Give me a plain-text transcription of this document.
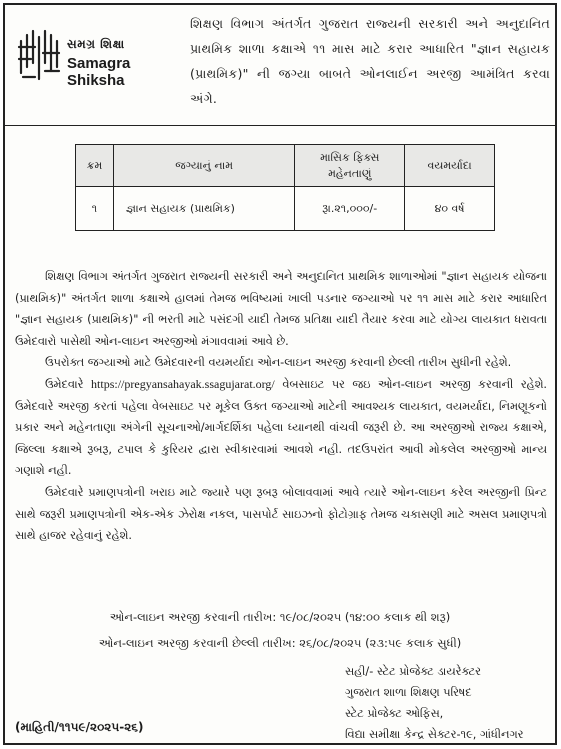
સમગ્ર શિક્ષા
Samagra Shiksha
શિક્ષણ વિભાગ અંતર્ગત ગુજરાત રાજ્યની સરકારી અને અનુદાનિત પ્રાથમિક શાળા કક્ષાએ ૧૧ માસ માટે કરાર આધારિત "જ્ઞાન સહાયક (પ્રાથમિક)" ની જગ્યા બાબતે ઓનલાઈન અરજી આમંત્રિત કરવા અંગે.
ક્રમ	જગ્યાનું નામ	માસિક ફિક્સ મહેનતાણું	વયમર્યાદા
૧	જ્ઞાન સહાયક (પ્રાથમિક)	રૂા.૨૧,૦૦૦/-	૪૦ વર્ષ

શિક્ષણ વિભાગ અંતર્ગત ગુજરાત રાજ્યની સરકારી અને અનુદાનિત પ્રાથમિક શાળાઓમાં "જ્ઞાન સહાયક યોજના (પ્રાથમિક)" અંતર્ગત શાળા કક્ષાએ હાલમાં તેમજ ભવિષ્યમાં ખાલી પડનાર જગ્યાઓ પર ૧૧ માસ માટે કરાર આધારિત "જ્ઞાન સહાયક (પ્રાથમિક)" ની ભરતી માટે પસંદગી યાદી તેમજ પ્રતિક્ષા યાદી તૈયાર કરવા માટે યોગ્ય લાયકાત ધરાવતા ઉમેદવારો પાસેથી ઓન-લાઇન અરજીઓ મંગાવવામાં આવે છે.

ઉપરોક્ત જગ્યાઓ માટે ઉમેદવારની વયમર્યાદા ઓન-લાઇન અરજી કરવાની છેલ્લી તારીખ સુધીની રહેશે.

ઉમેદવારે https://pregyansahayak.ssagujarat.org/ વેબસાઇટ પર જઇ ઓન-લાઇન અરજી કરવાની રહેશે. ઉમેદવારે અરજી કરતાં પહેલા વેબસાઇટ પર મૂકેલ ઉક્ત જગ્યાઓ માટેની આવશ્યક લાયકાત, વયમર્યાદા, નિમણૂકનો પ્રકાર અને મહેનતાણા અંગેની સૂચનાઓ/માર્ગદર્શિકા પહેલા ધ્યાનથી વાંચવી જરૂરી છે. આ અરજીઓ રાજ્ય કક્ષાએ, જિલ્લા કક્ષાએ રૂબરૂ, ટપાલ કે કુરિયર દ્વારા સ્વીકારવામાં આવશે નહી. તદઉપરાંત આવી મોકલેલ અરજીઓ માન્ય ગણાશે નહી.

ઉમેદવારે પ્રમાણપત્રોની ખરાઇ માટે જ્યારે પણ રૂબરૂ બોલાવવામાં આવે ત્યારે ઓન-લાઇન કરેલ અરજીની પ્રિન્ટ સાથે જરૂરી પ્રમાણપત્રોની એક-એક ઝેરોક્ષ નકલ, પાસપોર્ટ સાઇઝનો ફોટોગ્રાફ તેમજ ચકાસણી માટે અસલ પ્રમાણપત્રો સાથે હાજર રહેવાનું રહેશે.

ઓન-લાઇન અરજી કરવાની તારીખ: ૧૯/૦૮/૨૦૨૫ (૧૪:૦૦ કલાક થી શરૂ)
ઓન-લાઇન અરજી કરવાની છેલ્લી તારીખ: ૨૬/૦૮/૨૦૨૫ (૨૩:૫૯ કલાક સુધી)
સહી/- સ્ટેટ પ્રોજેક્ટ ડાયરેક્ટર
ગુજરાત શાળા શિક્ષણ પરિષદ
સ્ટેટ પ્રોજેક્ટ ઓફિસ,
વિદ્યા સમીક્ષા કેન્દ્ર સેક્ટર-૧૯, ગાંધીનગર
(માહિતી/૧૧૫૯/૨૦૨૫-૨૬)
